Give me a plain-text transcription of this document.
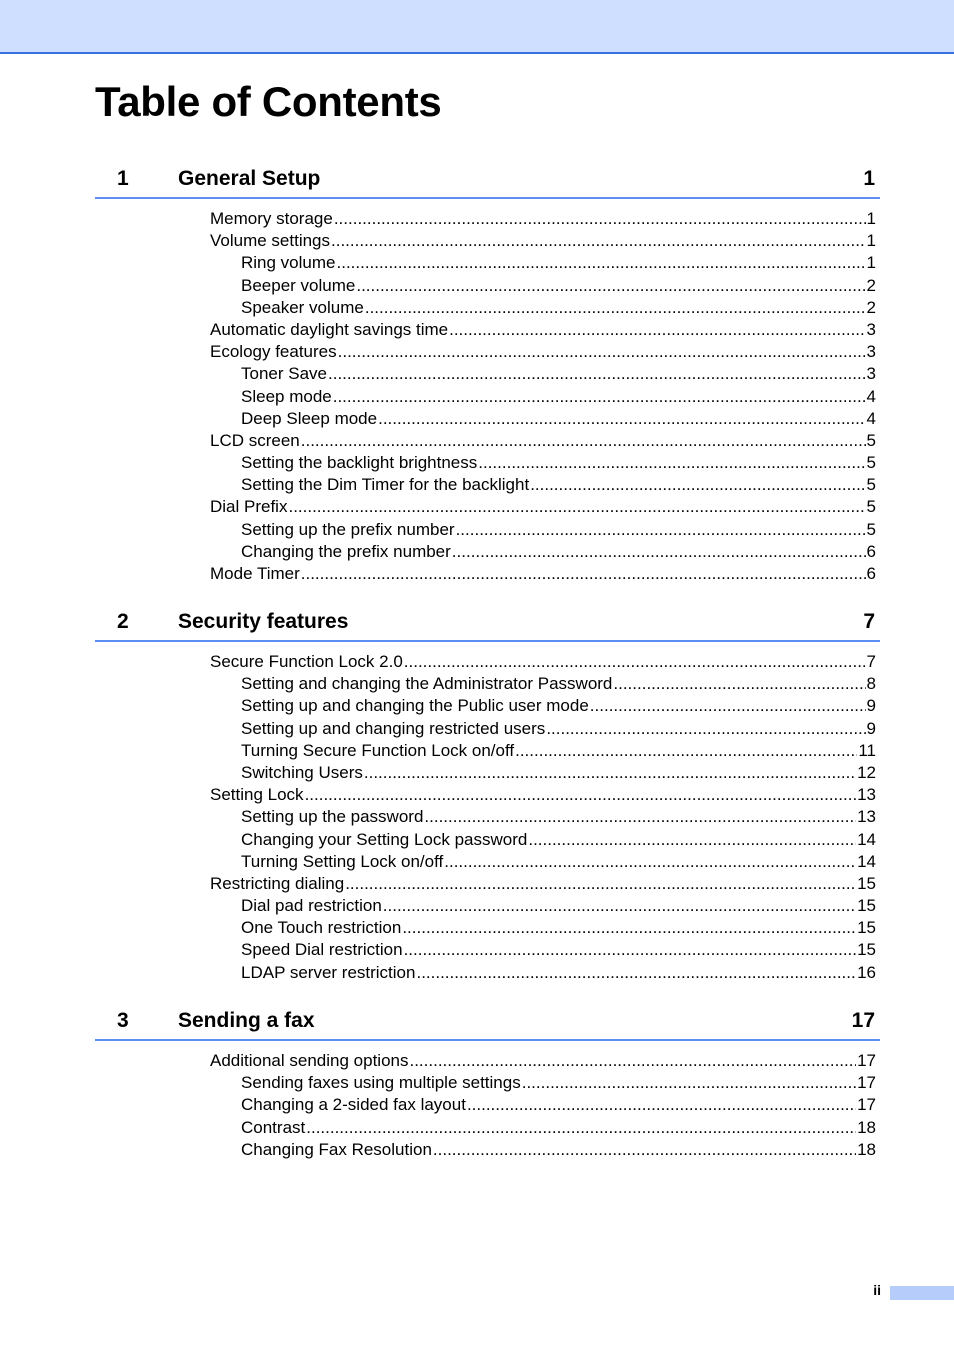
Table of Contents
1 General Setup	1
Memory storage .....	1
Volume settings .....	1
Ring volume .....	1
Beeper volume .....	2
Speaker volume .....	2
Automatic daylight savings time .....	3
Ecology features .....	3
Toner Save .....	3
Sleep mode .....	4
Deep Sleep mode .....	4
LCD screen .....	5
Setting the backlight brightness .....	5
Setting the Dim Timer for the backlight .....	5
Dial Prefix .....	5
Setting up the prefix number .....	5
Changing the prefix number .....	6
Mode Timer .....	6
2 Security features	7
Secure Function Lock 2.0 .....	7
Setting and changing the Administrator Password .....	8
Setting up and changing the Public user mode .....	9
Setting up and changing restricted users .....	9
Turning Secure Function Lock on/off .....	11
Switching Users .....	12
Setting Lock .....	13
Setting up the password .....	13
Changing your Setting Lock password .....	14
Turning Setting Lock on/off .....	14
Restricting dialing .....	15
Dial pad restriction .....	15
One Touch restriction .....	15
Speed Dial restriction .....	15
LDAP server restriction .....	16
3 Sending a fax	17
Additional sending options .....	17
Sending faxes using multiple settings .....	17
Changing a 2-sided fax layout .....	17
Contrast .....	18
Changing Fax Resolution .....	18
ii
